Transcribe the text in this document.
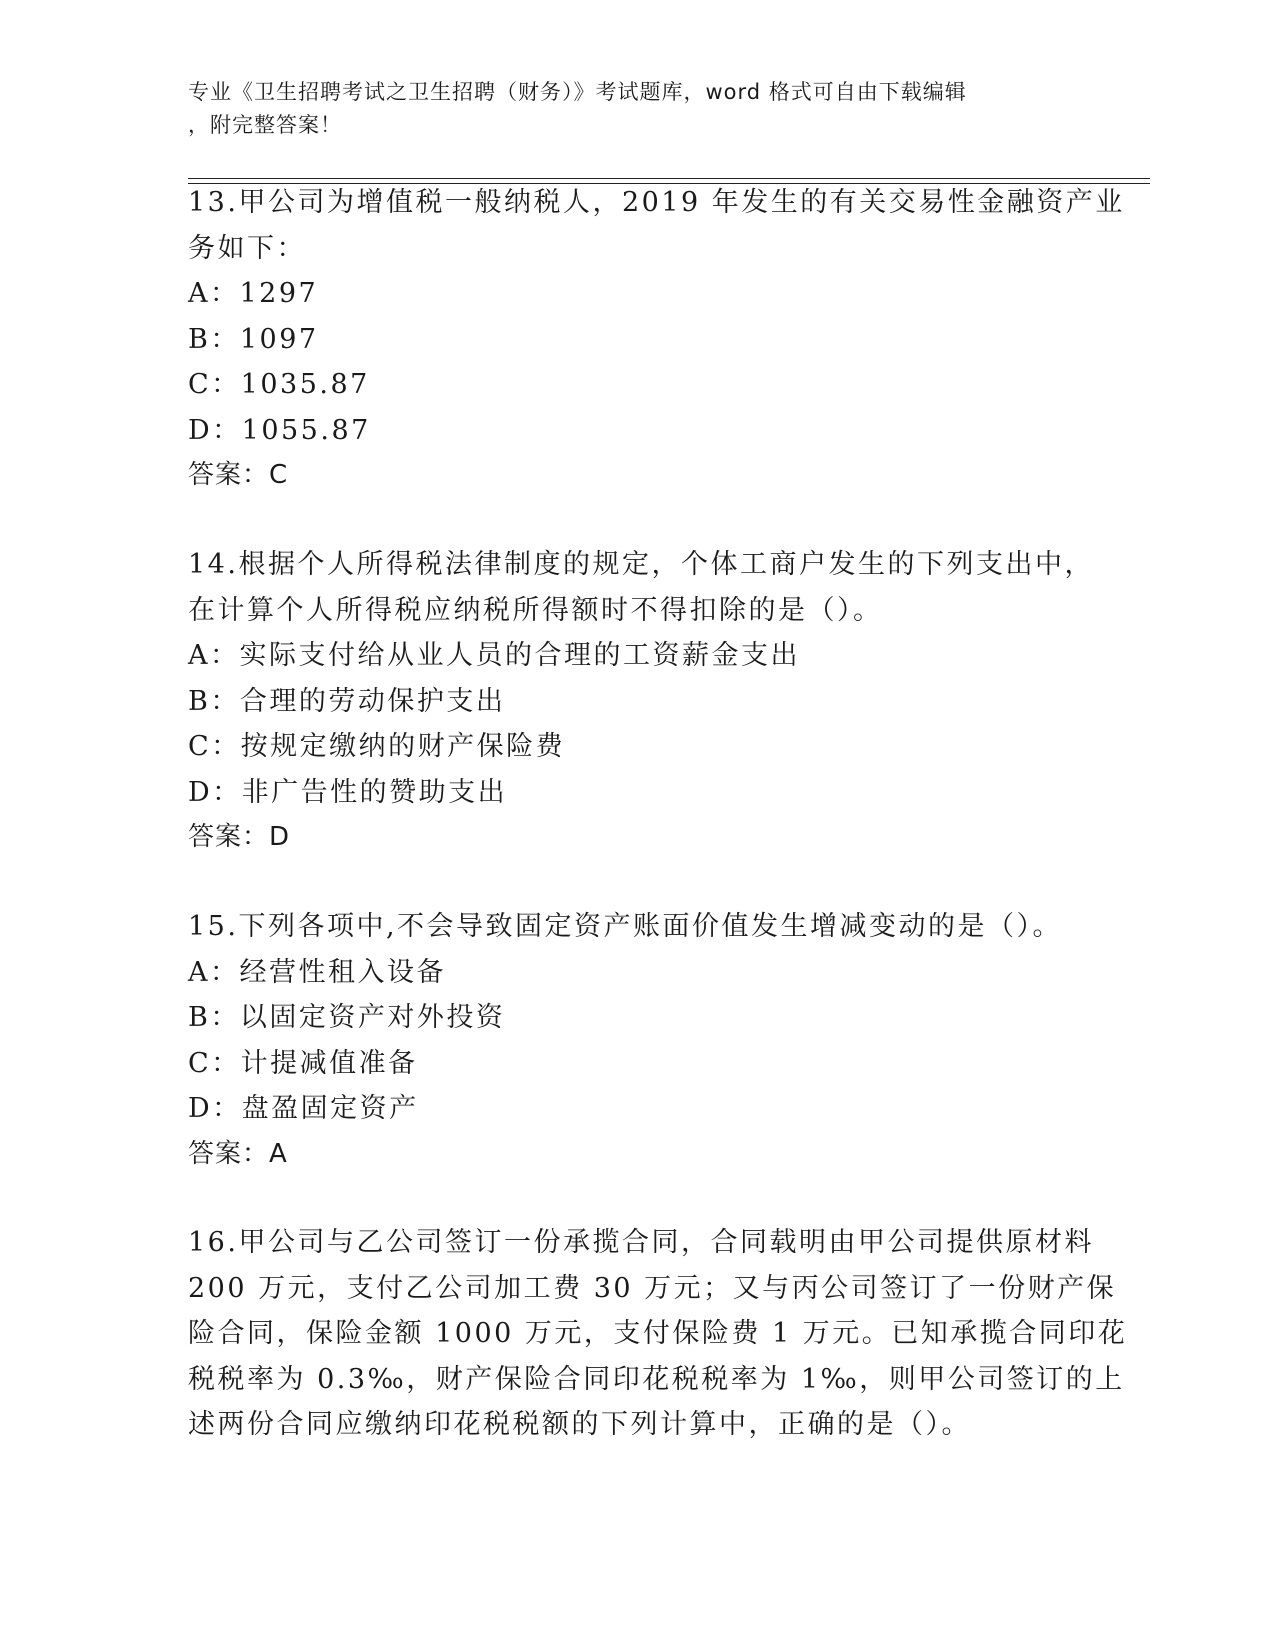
专业《卫生招聘考试之卫生招聘（财务）》考试题库，word 格式可自由下载编辑
，附完整答案！
13.甲公司为增值税一般纳税人，2019 年发生的有关交易性金融资产业
务如下：
A：1297
B：1097
C：1035.87
D：1055.87
答案：C
14.根据个人所得税法律制度的规定，个体工商户发生的下列支出中，
在计算个人所得税应纳税所得额时不得扣除的是（）。
A：实际支付给从业人员的合理的工资薪金支出
B：合理的劳动保护支出
C：按规定缴纳的财产保险费
D：非广告性的赞助支出
答案：D
15.下列各项中,不会导致固定资产账面价值发生增减变动的是（）。
A：经营性租入设备
B：以固定资产对外投资
C：计提减值准备
D：盘盈固定资产
答案：A
16.甲公司与乙公司签订一份承揽合同，合同载明由甲公司提供原材料
200 万元，支付乙公司加工费 30 万元；又与丙公司签订了一份财产保
险合同，保险金额 1000 万元，支付保险费 1 万元。已知承揽合同印花
税税率为 0.3‰，财产保险合同印花税税率为 1‰，则甲公司签订的上
述两份合同应缴纳印花税税额的下列计算中，正确的是（）。
